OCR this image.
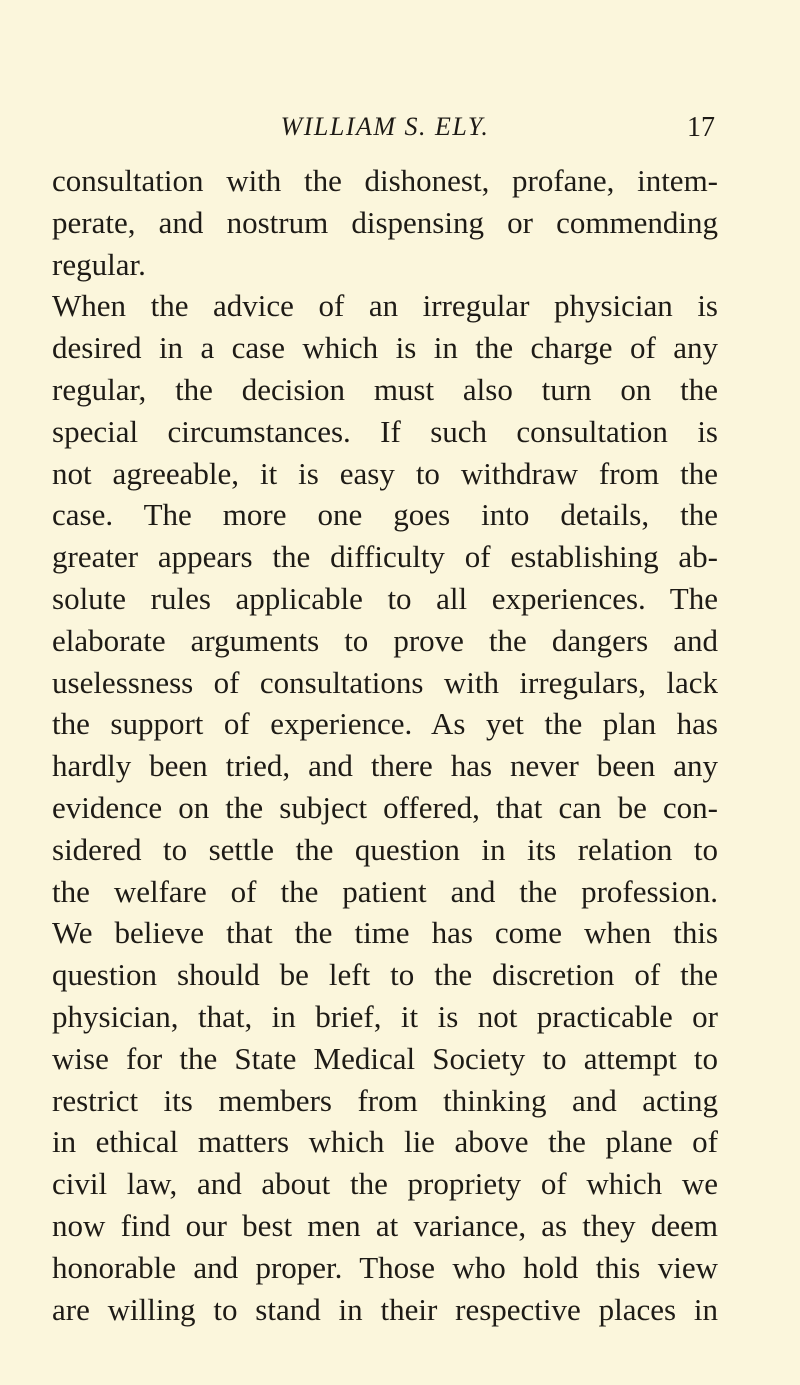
WILLIAM S. ELY.	17
consultation with the dishonest, profane, intem-
perate, and nostrum dispensing or commending
regular.
When the advice of an irregular physician is
desired in a case which is in the charge of any
regular, the decision must also turn on the
special circumstances. If such consultation is
not agreeable, it is easy to withdraw from the
case. The more one goes into details, the
greater appears the difficulty of establishing ab-
solute rules applicable to all experiences. The
elaborate arguments to prove the dangers and
uselessness of consultations with irregulars, lack
the support of experience. As yet the plan has
hardly been tried, and there has never been any
evidence on the subject offered, that can be con-
sidered to settle the question in its relation to
the welfare of the patient and the profession.
We believe that the time has come when this
question should be left to the discretion of the
physician, that, in brief, it is not practicable or
wise for the State Medical Society to attempt to
restrict its members from thinking and acting
in ethical matters which lie above the plane of
civil law, and about the propriety of which we
now find our best men at variance, as they deem
honorable and proper. Those who hold this view
are willing to stand in their respective places in
